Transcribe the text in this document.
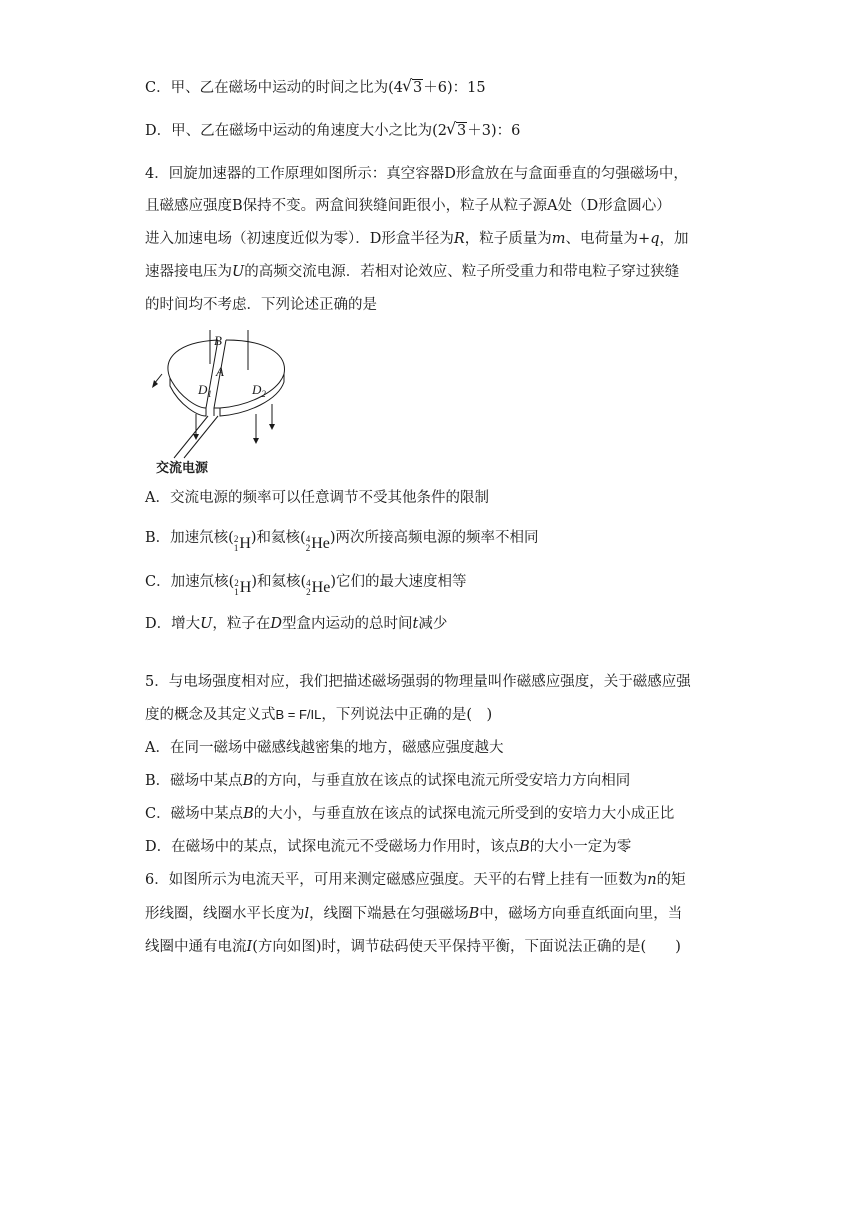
C．甲、乙在磁场中运动的时间之比为(4 √ 3＋6)：15
D．甲、乙在磁场中运动的角速度大小之比为(2 √ 3＋3)：6
4．回旋加速器的工作原理如图所示：真空容器D形盒放在与盒面垂直的匀强磁场中，
且磁感应强度B保持不变。两盒间狭缝间距很小，粒子从粒子源A处（D形盒圆心）
进入加速电场（初速度近似为零）．D形盒半径为R，粒子质量为m、电荷量为+q，加
速器接电压为U的高频交流电源．若相对论效应、粒子所受重力和带电粒子穿过狭缝
的时间均不考虑．下列论述正确的是
B
A
$D_1$	$D_2$
交流电源
A．交流电源的频率可以任意调节不受其他条件的限制
B．加速氘核( 2
1 H )和氦核( 4
2 He )两次所接高频电源的频率不相同
C．加速氘核( 2
1 H )和氦核( 4
2 He )它们的最大速度相等
D．增大U，粒子在D型盒内运动的总时间t减少
5．与电场强度相对应，我们把描述磁场强弱的物理量叫作磁感应强度，关于磁感应强
度的概念及其定义式B = F/IL，下列说法中正确的是(　)
A．在同一磁场中磁感线越密集的地方，磁感应强度越大
B．磁场中某点B的方向，与垂直放在该点的试探电流元所受安培力方向相同
C．磁场中某点B的大小，与垂直放在该点的试探电流元所受到的安培力大小成正比
D．在磁场中的某点，试探电流元不受磁场力作用时，该点B的大小一定为零
6．如图所示为电流天平，可用来测定磁感应强度。天平的右臂上挂有一匝数为n的矩
形线圈，线圈水平长度为l，线圈下端悬在匀强磁场B中，磁场方向垂直纸面向里，当
线圈中通有电流I(方向如图)时，调节砝码使天平保持平衡，下面说法正确的是(　　)
